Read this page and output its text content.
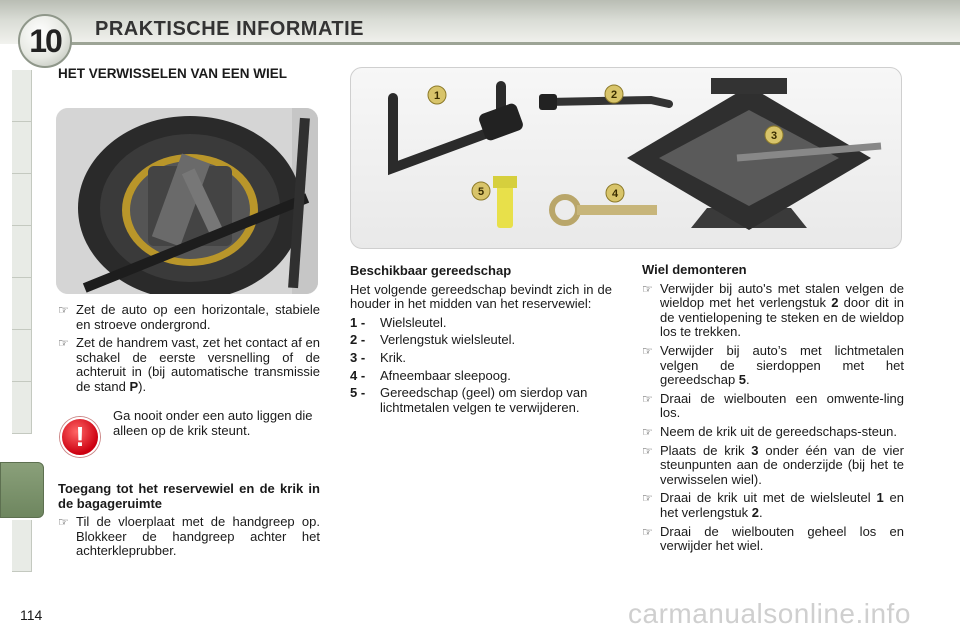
10 PRAKTISCHE INFORMATIE
HET VERWISSELEN VAN EEN WIEL
☞ Zet de auto op een horizontale, stabiele en stroeve ondergrond.
☞ Zet de handrem vast, zet het contact af en schakel de eerste versnelling of de achteruit in (bij automatische transmissie de stand P).
!
Ga nooit onder een auto liggen die alleen op de krik steunt.

Toegang tot het reservewiel en de krik in de bagageruimte

☞ Til de vloerplaat met de handgreep op. Blokkeer de handgreep achter het achterkleprubber.
1	2
3
4
5

Beschikbaar gereedschap

Het volgende gereedschap bevindt zich in de houder in het midden van het reservewiel:

1 -	Wielsleutel.
2 -	Verlengstuk wielsleutel.
3 -	Krik.
4 -	Afneembaar sleepoog.
5 -	Gereedschap (geel) om sierdop van lichtmetalen velgen te verwijderen.

Wiel demonteren

☞ Verwijder bij auto's met stalen velgen de wieldop met het verlengstuk 2 door dit in de ventielopening te steken en de wieldop los te trekken.
☞ Verwijder bij auto’s met lichtmetalen velgen de sierdoppen met het gereedschap 5.
☞ Draai de wielbouten een omwente-ling los.
☞ Neem de krik uit de gereedschaps-steun.
☞ Plaats de krik 3 onder één van de vier steunpunten aan de onderzijde (bij het te verwisselen wiel).
☞ Draai de krik uit met de wielsleutel 1 en het verlengstuk 2.
☞ Draai de wielbouten geheel los en verwijder het wiel.
114	carmanualsonline.info
